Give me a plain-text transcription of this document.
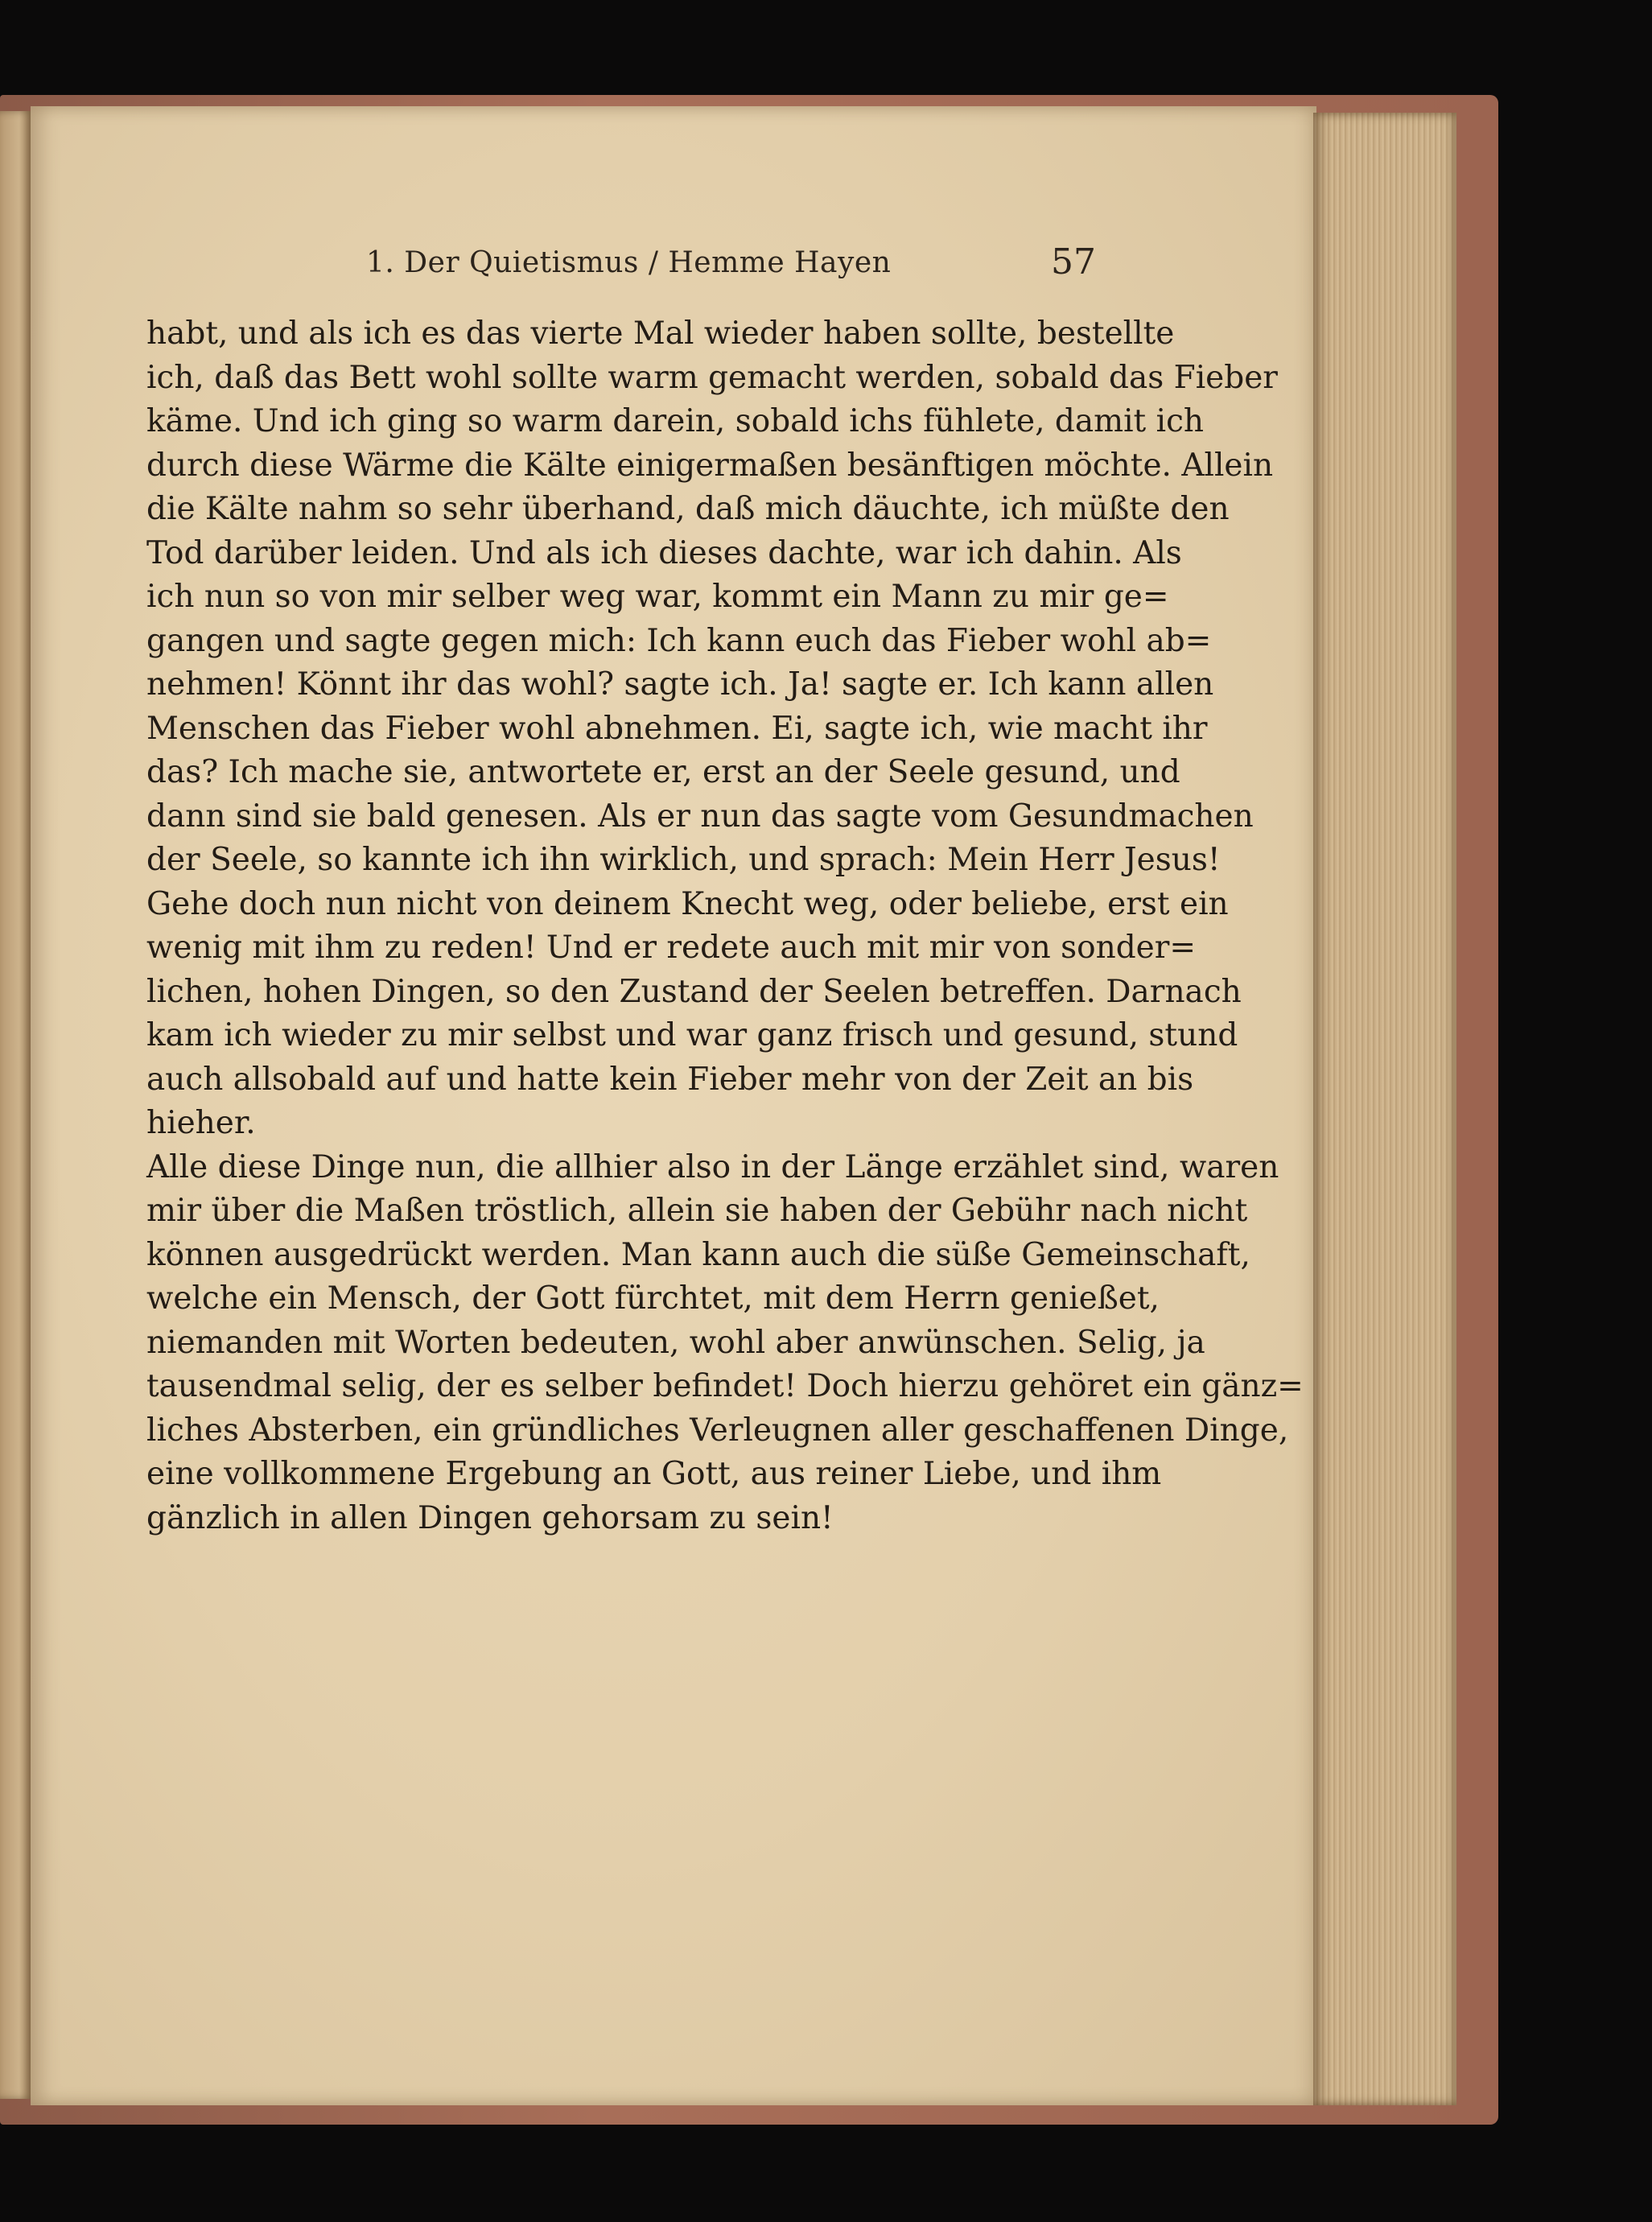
1. Der Quietismus / Hemme Hayen	57
habt, und als ich es das vierte Mal wieder haben sollte, bestellte
ich, daß das Bett wohl sollte warm gemacht werden, sobald das Fieber
käme. Und ich ging so warm darein, sobald ichs fühlete, damit ich
durch diese Wärme die Kälte einigermaßen besänftigen möchte. Allein
die Kälte nahm so sehr überhand, daß mich däuchte, ich müßte den
Tod darüber leiden. Und als ich dieses dachte, war ich dahin. Als
ich nun so von mir selber weg war, kommt ein Mann zu mir ge=
gangen und sagte gegen mich: Ich kann euch das Fieber wohl ab=
nehmen! Könnt ihr das wohl? sagte ich. Ja! sagte er. Ich kann allen
Menschen das Fieber wohl abnehmen. Ei, sagte ich, wie macht ihr
das? Ich mache sie, antwortete er, erst an der Seele gesund, und
dann sind sie bald genesen. Als er nun das sagte vom Gesundmachen
der Seele, so kannte ich ihn wirklich, und sprach: Mein Herr Jesus!
Gehe doch nun nicht von deinem Knecht weg, oder beliebe, erst ein
wenig mit ihm zu reden! Und er redete auch mit mir von sonder=
lichen, hohen Dingen, so den Zustand der Seelen betreffen. Darnach
kam ich wieder zu mir selbst und war ganz frisch und gesund, stund
auch allsobald auf und hatte kein Fieber mehr von der Zeit an bis
hieher.
Alle diese Dinge nun, die allhier also in der Länge erzählet sind, waren
mir über die Maßen tröstlich, allein sie haben der Gebühr nach nicht
können ausgedrückt werden. Man kann auch die süße Gemeinschaft,
welche ein Mensch, der Gott fürchtet, mit dem Herrn genießet,
niemanden mit Worten bedeuten, wohl aber anwünschen. Selig, ja
tausendmal selig, der es selber befindet! Doch hierzu gehöret ein gänz=
liches Absterben, ein gründliches Verleugnen aller geschaffenen Dinge,
eine vollkommene Ergebung an Gott, aus reiner Liebe, und ihm
gänzlich in allen Dingen gehorsam zu sein!
